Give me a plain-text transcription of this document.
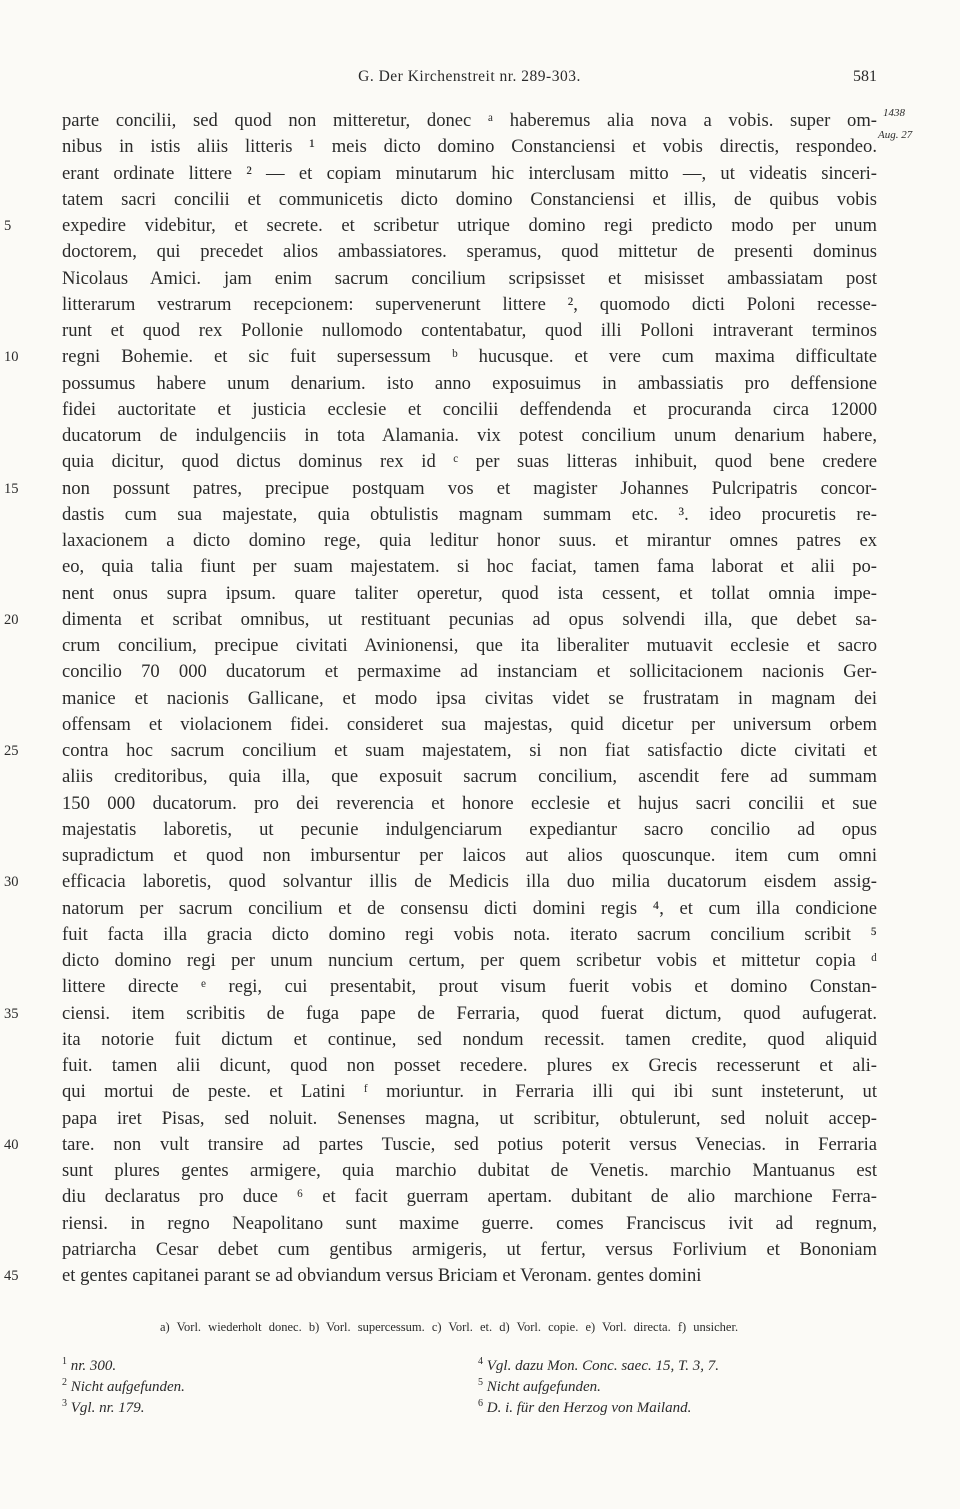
G. Der Kirchenstreit nr. 289-303.	581
1438
Aug. 27
parte concilii, sed quod non mitteretur, donec ᵃ haberemus alia nova a vobis. super om-
nibus in istis aliis litteris ¹ meis dicto domino Constanciensi et vobis directis, respondeo.
erant ordinate littere ² — et copiam minutarum hic interclusam mitto —, ut videatis sinceri-
tatem sacri concilii et communicetis dicto domino Constanciensi et illis, de quibus vobis
5	expedire videbitur, et secrete. et scribetur utrique domino regi predicto modo per unum
doctorem, qui precedet alios ambassiatores. speramus, quod mittetur de presenti dominus
Nicolaus Amici. jam enim sacrum concilium scripsisset et misisset ambassiatam post
litterarum vestrarum recepcionem: supervenerunt littere ², quomodo dicti Poloni recesse-
runt et quod rex Pollonie nullomodo contentabatur, quod illi Polloni intraverant terminos
10	regni Bohemie. et sic fuit supersessum ᵇ hucusque. et vere cum maxima difficultate
possumus habere unum denarium. isto anno exposuimus in ambassiatis pro deffensione
fidei auctoritate et justicia ecclesie et concilii deffendenda et procuranda circa 12000
ducatorum de indulgenciis in tota Alamania. vix potest concilium unum denarium habere,
quia dicitur, quod dictus dominus rex id ᶜ per suas litteras inhibuit, quod bene credere
15	non possunt patres, precipue postquam vos et magister Johannes Pulcripatris concor-
dastis cum sua majestate, quia obtulistis magnam summam etc. ³. ideo procuretis re-
laxacionem a dicto domino rege, quia leditur honor suus. et mirantur omnes patres ex
eo, quia talia fiunt per suam majestatem. si hoc faciat, tamen fama laborat et alii po-
nent onus supra ipsum. quare taliter operetur, quod ista cessent, et tollat omnia impe-
20	dimenta et scribat omnibus, ut restituant pecunias ad opus solvendi illa, que debet sa-
crum concilium, precipue civitati Avinionensi, que ita liberaliter mutuavit ecclesie et sacro
concilio 70 000 ducatorum et permaxime ad instanciam et sollicitacionem nacionis Ger-
manice et nacionis Gallicane, et modo ipsa civitas videt se frustratam in magnam dei
offensam et violacionem fidei. consideret sua majestas, quid dicetur per universum orbem
25	contra hoc sacrum concilium et suam majestatem, si non fiat satisfactio dicte civitati et
aliis creditoribus, quia illa, que exposuit sacrum concilium, ascendit fere ad summam
150 000 ducatorum. pro dei reverencia et honore ecclesie et hujus sacri concilii et sue
majestatis laboretis, ut pecunie indulgenciarum expediantur sacro concilio ad opus
supradictum et quod non imbursentur per laicos aut alios quoscunque. item cum omni
30	efficacia laboretis, quod solvantur illis de Medicis illa duo milia ducatorum eisdem assig-
natorum per sacrum concilium et de consensu dicti domini regis ⁴, et cum illa condicione
fuit facta illa gracia dicto domino regi vobis nota. iterato sacrum concilium scribit ⁵
dicto domino regi per unum nuncium certum, per quem scribetur vobis et mittetur copia ᵈ
littere directe ᵉ regi, cui presentabit, prout visum fuerit vobis et domino Constan-
35	ciensi. item scribitis de fuga pape de Ferraria, quod fuerat dictum, quod aufugerat.
ita notorie fuit dictum et continue, sed nondum recessit. tamen credite, quod aliquid
fuit. tamen alii dicunt, quod non posset recedere. plures ex Grecis recesserunt et ali-
qui mortui de peste. et Latini ᶠ moriuntur. in Ferraria illi qui ibi sunt insteterunt, ut
papa iret Pisas, sed noluit. Senenses magna, ut scribitur, obtulerunt, sed noluit accep-
40	tare. non vult transire ad partes Tuscie, sed potius poterit versus Venecias. in Ferraria
sunt plures gentes armigere, quia marchio dubitat de Venetis. marchio Mantuanus est
diu declaratus pro duce ⁶ et facit guerram apertam. dubitant de alio marchione Ferra-
riensi. in regno Neapolitano sunt maxime guerre. comes Franciscus ivit ad regnum,
patriarcha Cesar debet cum gentibus armigeris, ut fertur, versus Forlivium et Bononiam
45	et gentes capitanei parant se ad obviandum versus Briciam et Veronam. gentes domini
a) Vorl. wiederholt donec. b) Vorl. supercessum. c) Vorl. et. d) Vorl. copie. e) Vorl. directa. f) unsicher.
$^1$ nr. 300.
$^2$ Nicht aufgefunden.
$^3$ Vgl. nr. 179.
$^4$ Vgl. dazu Mon. Conc. saec. 15, T. 3, 7.
$^5$ Nicht aufgefunden.
$^6$ D. i. für den Herzog von Mailand.
